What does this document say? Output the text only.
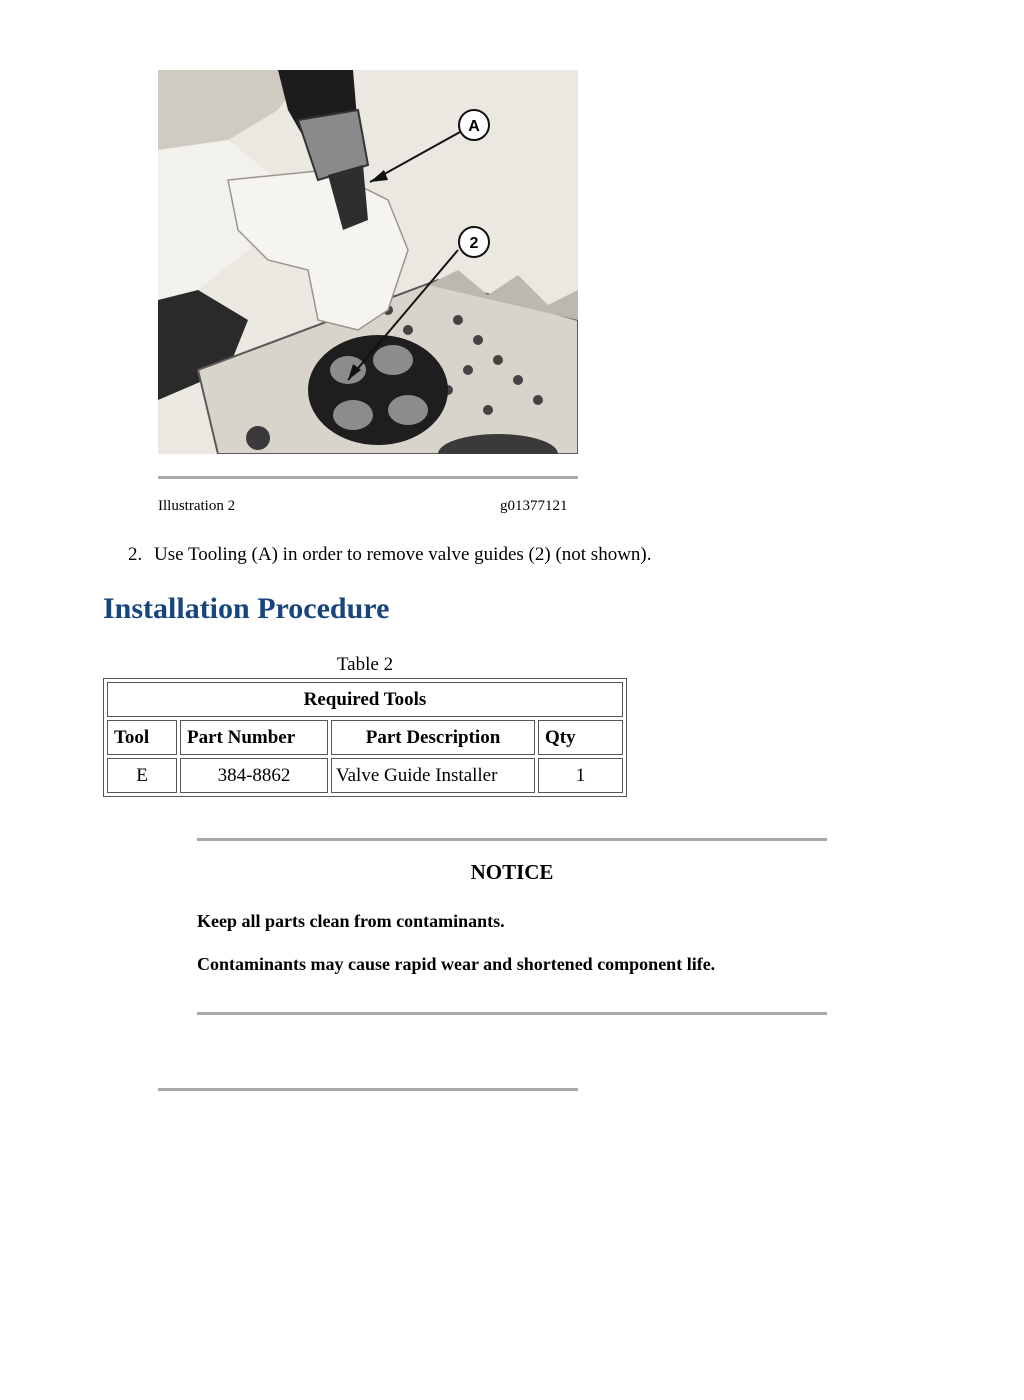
A
2
Illustration 2	g01377121
2. Use Tooling (A) in order to remove valve guides (2) (not shown).
Installation Procedure
Table 2
Required Tools			
Tool	Part Number	Part Description	Qty
E	384-8862	Valve Guide Installer	1
NOTICE
Keep all parts clean from contaminants.
Contaminants may cause rapid wear and shortened component life.
